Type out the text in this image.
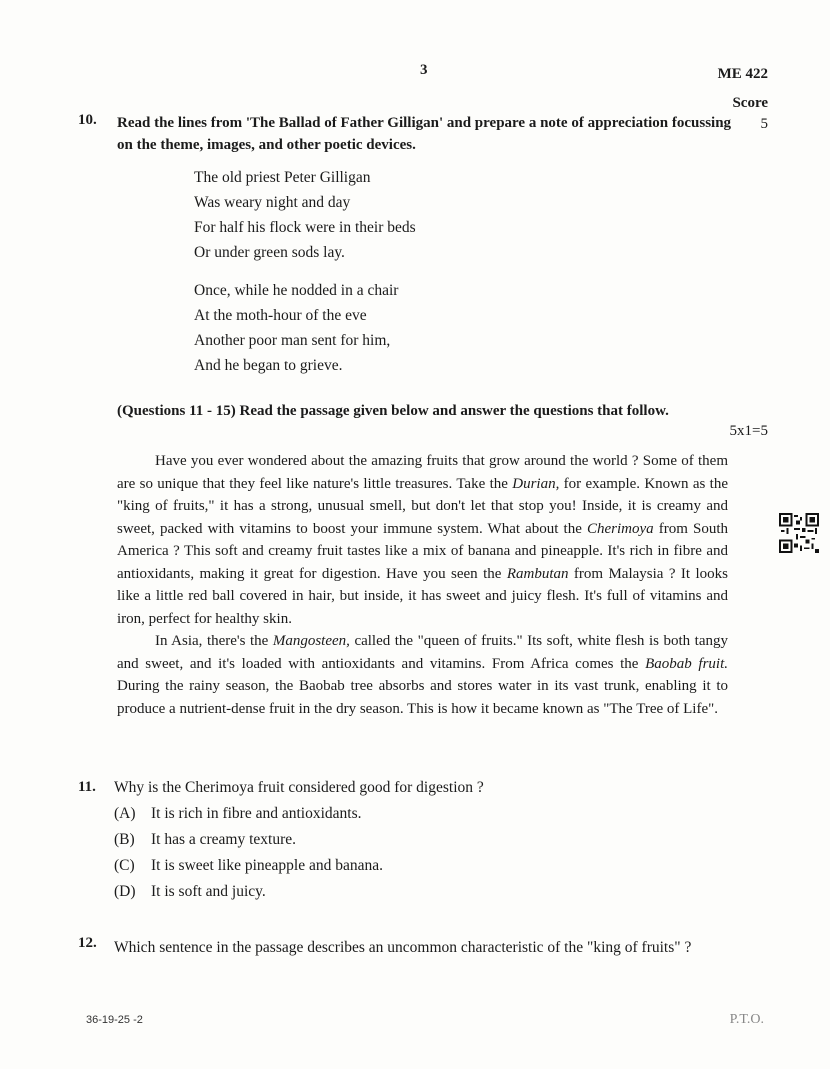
3	ME 422
Score
10. Read the lines from 'The Ballad of Father Gilligan' and prepare a note of appreciation focussing on the theme, images, and other poetic devices.
5
The old priest Peter Gilligan
Was weary night and day
For half his flock were in their beds
Or under green sods lay.
Once, while he nodded in a chair
At the moth-hour of the eve
Another poor man sent for him,
And he began to grieve.
(Questions 11 - 15) Read the passage given below and answer the questions that follow.
5x1=5

Have you ever wondered about the amazing fruits that grow around the world ? Some of them are so unique that they feel like nature's little treasures. Take the Durian, for example. Known as the "king of fruits," it has a strong, unusual smell, but don't let that stop you! Inside, it is creamy and sweet, packed with vitamins to boost your immune system. What about the Cherimoya from South America ? This soft and creamy fruit tastes like a mix of banana and pineapple. It's rich in fibre and antioxidants, making it great for digestion. Have you seen the Rambutan from Malaysia ? It looks like a little red ball covered in hair, but inside, it has sweet and juicy flesh. It's full of vitamins and iron, perfect for healthy skin.

In Asia, there's the Mangosteen, called the "queen of fruits." Its soft, white flesh is both tangy and sweet, and it's loaded with antioxidants and vitamins. From Africa comes the Baobab fruit. During the rainy season, the Baobab tree absorbs and stores water in its vast trunk, enabling it to produce a nutrient-dense fruit in the dry season. This is how it became known as "The Tree of Life".

11. Why is the Cherimoya fruit considered good for digestion ?
(A) It is rich in fibre and antioxidants.
(B) It has a creamy texture.
(C) It is sweet like pineapple and banana.
(D) It is soft and juicy.
12. Which sentence in the passage describes an uncommon characteristic of the "king of fruits" ?
36-19-25 -2	P.T.O.
